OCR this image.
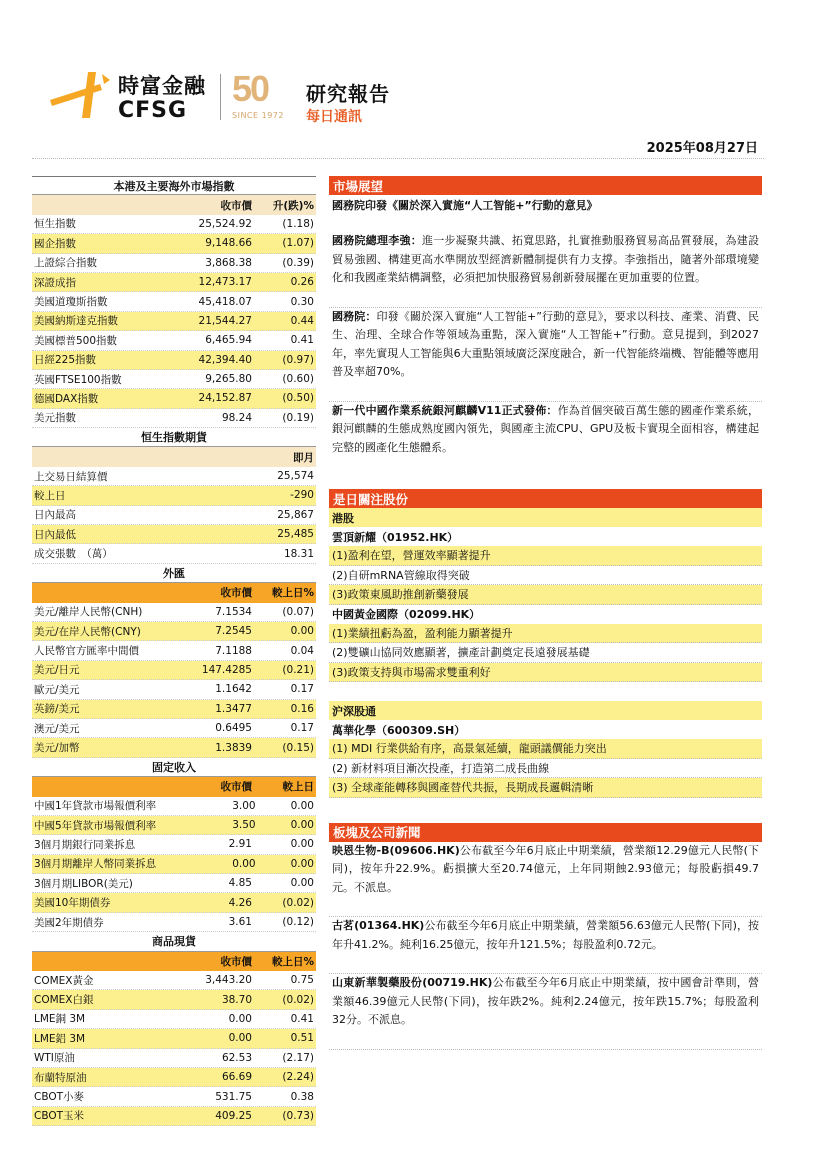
時富金融
CFSG
50
SINCE 1972
研究報告
每日通訊
2025年08月27日
本港及主要海外市場指數
收市價	升(跌)%
恒生指數	25,524.92	(1.18)
國企指數	9,148.66	(1.07)
上證綜合指數	3,868.38	(0.39)
深證成指	12,473.17	0.26
美國道瓊斯指數	45,418.07	0.30
美國納斯達克指數	21,544.27	0.44
美國標普500指數	6,465.94	0.41
日經225指數	42,394.40	(0.97)
英國FTSE100指數	9,265.80	(0.60)
德國DAX指數	24,152.87	(0.50)
美元指數	98.24	(0.19)
恒生指數期貨
即月
上交易日結算價	25,574
較上日	-290
日內最高	25,867
日內最低	25,485
成交張數　（萬）	18.31
外匯
收市價	較上日%
美元/離岸人民幣(CNH)	7.1534	(0.07)
美元/在岸人民幣(CNY)	7.2545	0.00
人民幣官方匯率中間價	7.1188	0.04
美元/日元	147.4285	(0.21)
歐元/美元	1.1642	0.17
英鎊/美元	1.3477	0.16
澳元/美元	0.6495	0.17
美元/加幣	1.3839	(0.15)
固定收入
收市價	較上日
中國1年貸款市場報價利率	3.00	0.00
中國5年貸款市場報價利率	3.50	0.00
3個月期銀行同業拆息	2.91	0.00
3個月期離岸人幣同業拆息	0.00	0.00
3個月期LIBOR(美元)	4.85	0.00
美國10年期債券	4.26	(0.02)
美國2年期債券	3.61	(0.12)
商品現貨
收市價	較上日%
COMEX黃金	3,443.20	0.75
COMEX白銀	38.70	(0.02)
LME銅 3M	0.00	0.41
LME鋁 3M	0.00	0.51
WTI原油	62.53	(2.17)
布蘭特原油	66.69	(2.24)
CBOT小麥	531.75	0.38
CBOT玉米	409.25	(0.73)
市場展望
國務院印發《關於深入實施“人工智能+”行動的意見》
國務院總理李強：進一步凝聚共識、拓寬思路，扎實推動服務貿易高品質發展，為建設貿易強國、構建更高水準開放型經濟新體制提供有力支撐。李強指出，隨著外部環境變化和我國產業結構調整，必須把加快服務貿易創新發展擺在更加重要的位置。
國務院：印發《關於深入實施“人工智能+”行動的意見》，要求以科技、產業、消費、民生、治理、全球合作等領域為重點，深入實施“人工智能+”行動。意見提到，到2027年，率先實現人工智能與6大重點領域廣泛深度融合，新一代智能終端機、智能體等應用普及率超70%。
新一代中國作業系統銀河麒麟V11正式發佈：作為首個突破百萬生態的國產作業系統，銀河麒麟的生態成熟度國內領先，與國產主流CPU、GPU及板卡實現全面相容，構建起完整的國產化生態體系。
是日關注股份
港股
雲頂新耀（01952.HK）
(1)盈利在望，營運效率顯著提升
(2)自研mRNA管線取得突破
(3)政策東風助推創新藥發展
中國黃金國際（02099.HK）
(1)業績扭虧為盈，盈利能力顯著提升
(2)雙礦山協同效應顯著，擴產計劃奠定長遠發展基礎
(3)政策支持與市場需求雙重利好
沪深股通
萬華化學（600309.SH）
(1) MDI 行業供給有序，高景氣延續，龍頭議價能力突出
(2) 新材料項目漸次投產，打造第二成長曲線
(3) 全球產能轉移與國產替代共振，長期成長邏輯清晰
板塊及公司新聞
映恩生物-B(09606.HK)公布截至今年6月底止中期業績，營業額12.29億元人民幣(下同)，按年升22.9%。虧損擴大至20.74億元，上年同期蝕2.93億元；每股虧損49.7元。不派息。
古茗(01364.HK)公布截至今年6月底止中期業績，營業額56.63億元人民幣(下同)，按年升41.2%。純利16.25億元，按年升121.5%；每股盈利0.72元。
山東新華製藥股份(00719.HK)公布截至今年6月底止中期業績，按中國會計準則，營業額46.39億元人民幣(下同)，按年跌2%。純利2.24億元，按年跌15.7%；每股盈利32分。不派息。
